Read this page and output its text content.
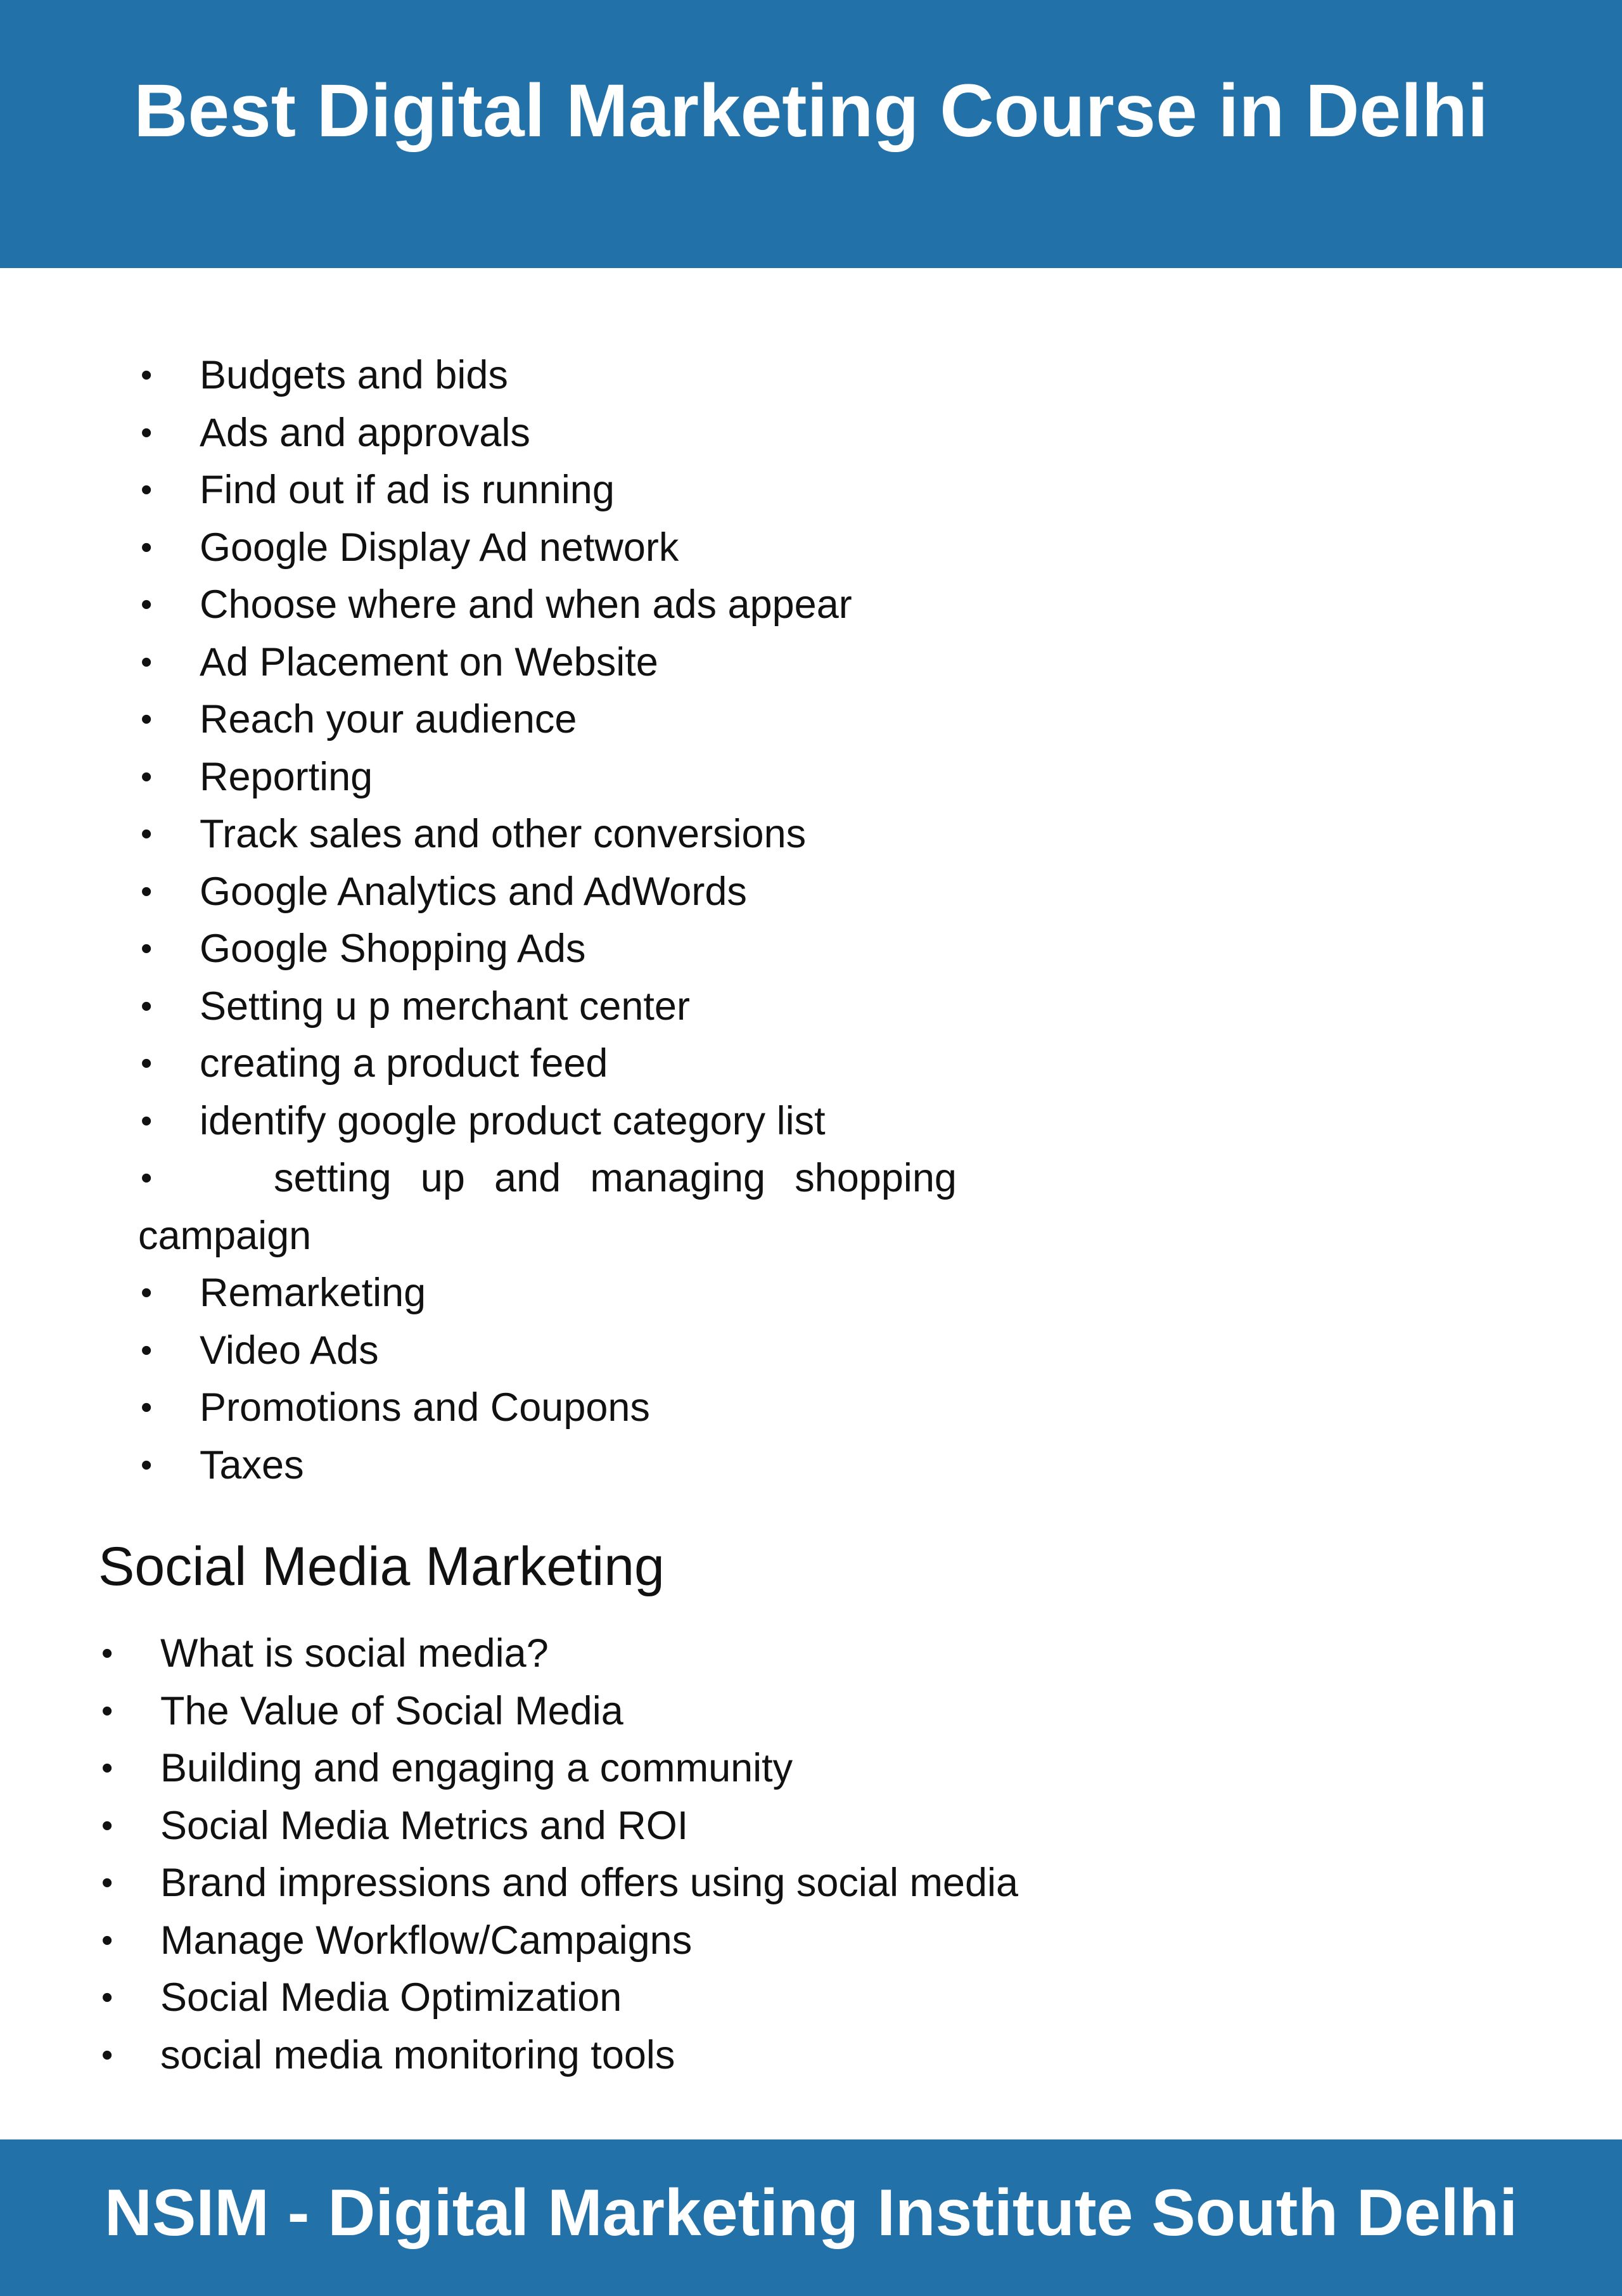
Best Digital Marketing Course in Delhi
• Budgets and bids
• Ads and approvals
• Find out if ad is running
• Google Display Ad network
• Choose where and when ads appear
• Ad Placement on Website
• Reach your audience
• Reporting
• Track sales and other conversions
• Google Analytics and AdWords
• Google Shopping Ads
• Setting u p merchant center
• creating a product feed
• identify google product category list
•	setting up and managing shopping
campaign
• Remarketing
• Video Ads
• Promotions and Coupons
• Taxes
Social Media Marketing
• What is social media?
• The Value of Social Media
• Building and engaging a community
• Social Media Metrics and ROI
• Brand impressions and offers using social media
• Manage Workflow/Campaigns
• Social Media Optimization
• social media monitoring tools
NSIM - Digital Marketing Institute South Delhi
